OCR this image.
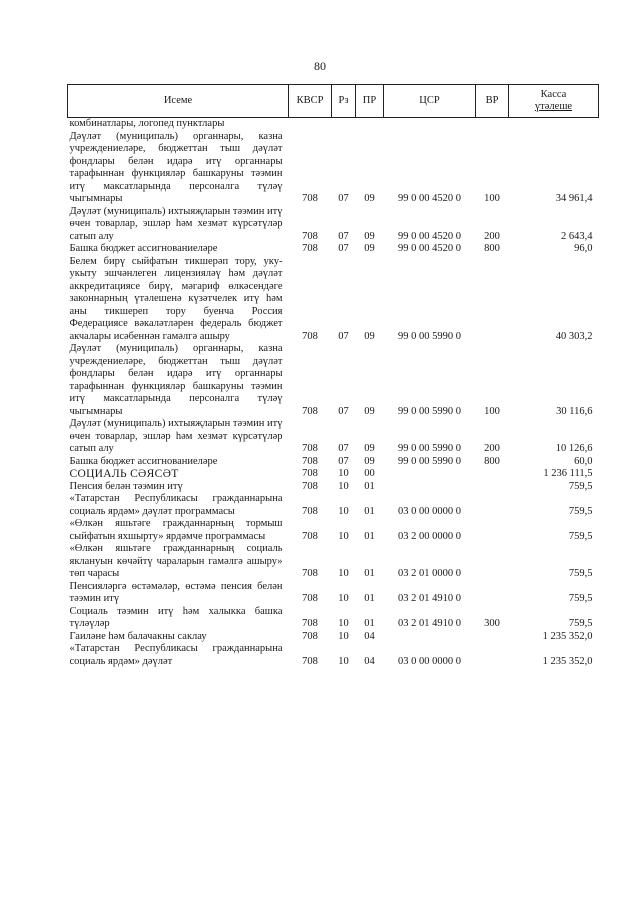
80
Исеме	КВСР	Рз	ПР	ЦСР	ВР	Касса
үтәлеше

комбинатлары, логопед пунктлары						
Дәүләт (муниципаль) органнары, казна учреждениеләре, бюджеттан тыш дәүләт фондлары белән идарә итү органнары тарафыннан функцияләр башкаруны тәэмин итү максатларында персоналга түләү чыгымнары	708	07	09	99 0 00 4520 0	100	34 961,4
Дәүләт (муниципаль) ихтыяҗларын тәэмин итү өчен товарлар, эшләр һәм хезмәт күрсәтүләр сатып алу	708	07	09	99 0 00 4520 0	200	2 643,4
Башка бюджет ассигнованиеләре	708	07	09	99 0 00 4520 0	800	96,0
Белем бирү сыйфатын тикшерәп тору, уку-укыту эшчәнлеген лицензияләү һәм дәүләт аккредитациясе бирү, мәгариф өлкәсендәге законнарның үтәлешенә күзәтчелек итү һәм аны тикшереп тору буенча Россия Федерациясе вәкаләтләрен федераль бюджет акчалары исәбеннән гамәлгә ашыру	708	07	09	99 0 00 5990 0		40 303,2
Дәүләт (муниципаль) органнары, казна учреждениеләре, бюджеттан тыш дәүләт фондлары белән идарә итү органнары тарафыннан функцияләр башкаруны тәэмин итү максатларында персоналга түләү чыгымнары	708	07	09	99 0 00 5990 0	100	30 116,6
Дәүләт (муниципаль) ихтыяҗларын тәэмин итү өчен товарлар, эшләр һәм хезмәт күрсәтүләр сатып алу	708	07	09	99 0 00 5990 0	200	10 126,6
Башка бюджет ассигнованиеләре	708	07	09	99 0 00 5990 0	800	60,0
СОЦИАЛЬ СӘЯСӘТ	708	10	00			1 236 111,5
Пенсия белән тәэмин итү	708	10	01			759,5
«Татарстан Республикасы гражданнарына социаль ярдәм» дәүләт программасы	708	10	01	03 0 00 0000 0		759,5
«Өлкән яшьтәге гражданнарның тормыш сыйфатын яхшырту» ярдәмче программасы	708	10	01	03 2 00 0000 0		759,5
«Өлкән яшьтәге гражданнарның социаль яклануын көчәйтү чараларын гамәлгә ашыру» төп чарасы	708	10	01	03 2 01 0000 0		759,5
Пенсияләргә өстәмәләр, өстәмә пенсия белән тәэмин итү	708	10	01	03 2 01 4910 0		759,5
Социаль тәэмин итү һәм халыкка башка түләүләр	708	10	01	03 2 01 4910 0	300	759,5
Гаиләне һәм балачакны саклау	708	10	04			1 235 352,0
«Татарстан Республикасы гражданнарына социаль ярдәм» дәүләт	708	10	04	03 0 00 0000 0		1 235 352,0
